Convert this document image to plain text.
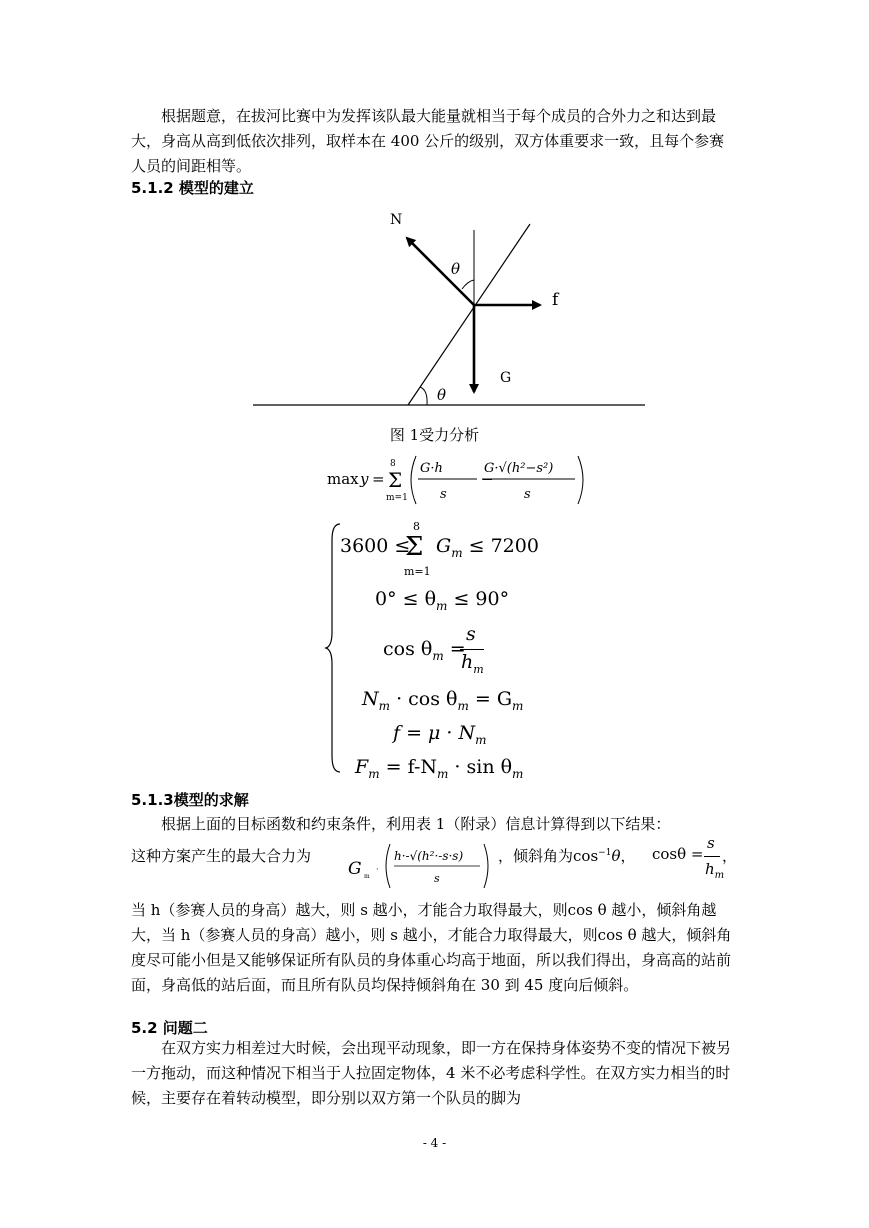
根据题意，在拔河比赛中为发挥该队最大能量就相当于每个成员的合外力之和达到最大，身高从高到低依次排列，取样本在 400 公斤的级别，双方体重要求一致，且每个参赛人员的间距相等。

5.1.2 模型的建立
N
f
G
θ
θ
图 1受力分析
max y =
8
Σ
m=1
G·h
s
−
G·√(h²−s²)
s
3600 ≤
8
Σ
m=1
$G_m \le 7200$
$0^\circ \le \theta_m \le 90^\circ$
$\cos \theta_m$ =
s
$h_m$
$N_m \cdot \cos \theta_m = G_m$
$f = \mu \cdot N_m$
$F_m = f-N_m \cdot \sin \theta_m$
5.1.3模型的求解

根据上面的目标函数和约束条件，利用表 1（附录）信息计算得到以下结果：

这种方案产生的最大合力为
G m
·
h·-√(h²·-s·s)
s
，倾斜角为$\cos^{-1}\theta$， cosθ =
s
$h_m$
，

当 h（参赛人员的身高）越大，则 s 越小，才能合力取得最大，则cos θ 越小，倾斜角越大，当 h（参赛人员的身高）越小，则 s 越小，才能合力取得最大，则cos θ 越大，倾斜角度尽可能小但是又能够保证所有队员的身体重心均高于地面，所以我们得出，身高高的站前面，身高低的站后面，而且所有队员均保持倾斜角在 30 到 45 度向后倾斜。

5.2 问题二

在双方实力相差过大时候，会出现平动现象，即一方在保持身体姿势不变的情况下被另一方拖动，而这种情况下相当于人拉固定物体，4 米不必考虑科学性。在双方实力相当的时候，主要存在着转动模型，即分别以双方第一个队员的脚为

- 4 -
